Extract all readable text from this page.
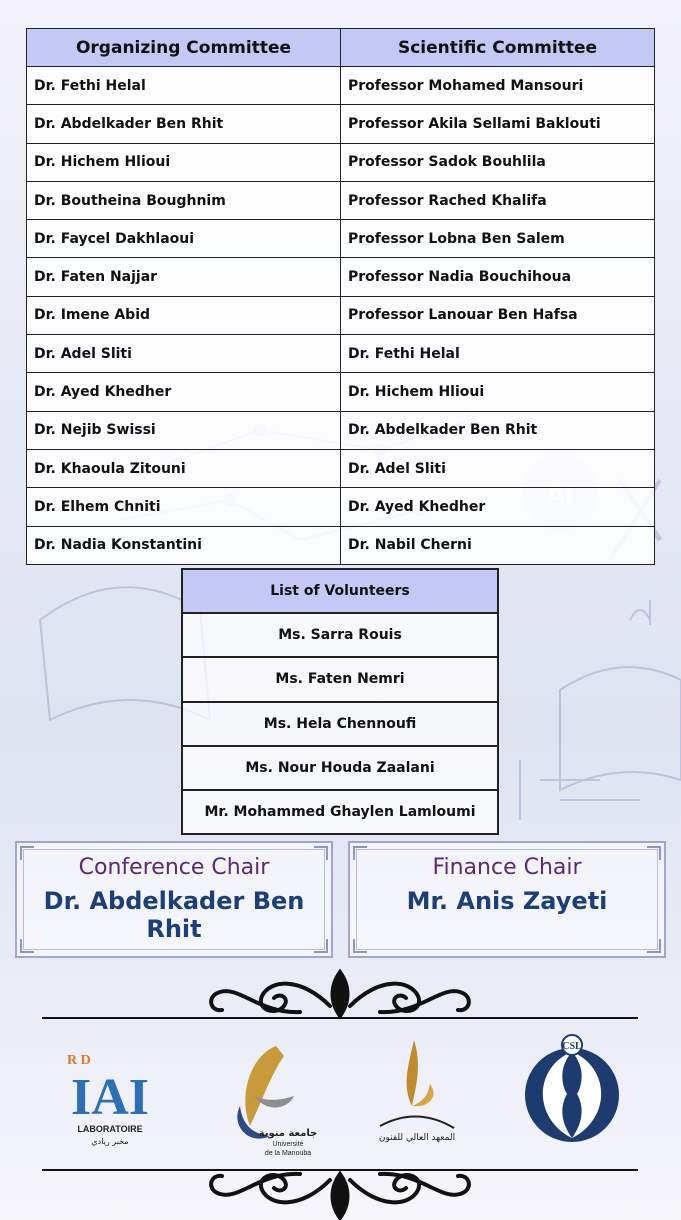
Organizing Committee	Scientific Committee
Dr. Fethi Helal	Professor Mohamed Mansouri
Dr. Abdelkader Ben Rhit	Professor Akila Sellami Baklouti
Dr. Hichem Hlioui	Professor Sadok Bouhlila
Dr. Boutheina Boughnim	Professor Rached Khalifa
Dr. Faycel Dakhlaoui	Professor Lobna Ben Salem
Dr. Faten Najjar	Professor Nadia Bouchihoua
Dr. Imene Abid	Professor Lanouar Ben Hafsa
Dr. Adel Sliti	Dr. Fethi Helal
Dr. Ayed Khedher	Dr. Hichem Hlioui
Dr. Nejib Swissi	Dr. Abdelkader Ben Rhit
Dr. Khaoula Zitouni	Dr. Adel Sliti
Dr. Elhem Chniti	Dr. Ayed Khedher
Dr. Nadia Konstantini	Dr. Nabil Cherni
List of Volunteers
Ms. Sarra Rouis
Ms. Faten Nemri
Ms. Hela Chennoufi
Ms. Nour Houda Zaalani
Mr. Mohammed Ghaylen Lamloumi
Conference Chair
Dr. Abdelkader Ben Rhit
Finance Chair
Mr. Anis Zayeti
R D
IAI
LABORATOIRE
مخبر ريادي
جامعة منوبة
Université
de la Manouba
المعهد العالي للفنون
CSL
